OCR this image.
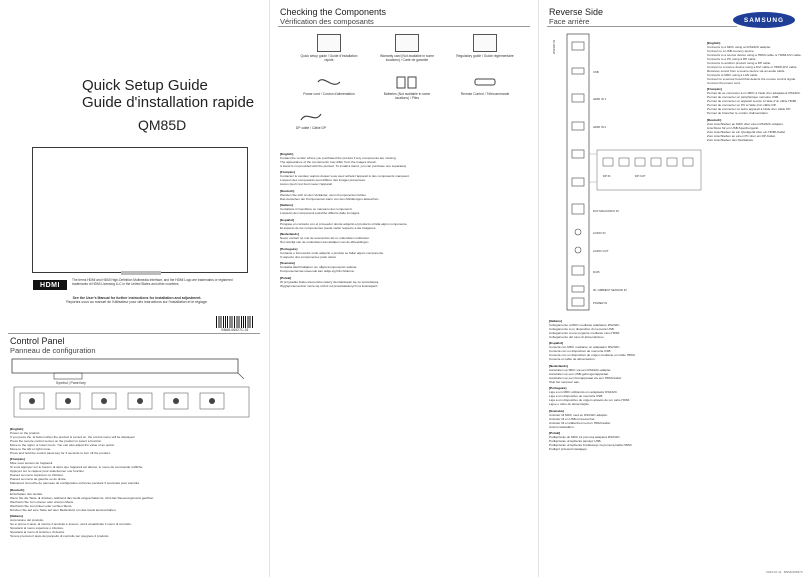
Quick Setup Guide
Guide d'installation rapide
QM85D
HDMI
The terms HDMI and HDMI High-Definition Multimedia Interface, and the HDMI Logo are trademarks or registered trademarks of HDMI Licensing LLC in the United States and other countries.
See the User's Manual for further instructions for installation and adjustment.
Reportez-vous au manuel de l'utilisateur pour des instructions sur l'installation et le réglage.
BN68-06527C-01
Control Panel
Panneau de configuration
Symbol | Panel key
[English]

Power on the product.

If you press the ◄ button when the product is turned on, the control menu will be displayed.

Press the remote control sensor on the product to select a function.

Move to the upper or lower menu. You can also adjust the value of an option.

Move to the left or right menu.

Press and hold the control panel key for 3 seconds to turn off the product.

[Français]

Mise sous tension de l'appareil.

Si vous appuyez sur le bouton ◄ alors que l'appareil est allumé, le menu de commande s'affiche.

Appuyez sur le capteur pour sélectionner une fonction.

Passez au menu supérieur ou inférieur.

Passez au menu de gauche ou de droite.

Maintenez la touche du panneau de configuration enfoncée pendant 3 secondes pour éteindre.

[Deutsch]

Einschalten des Geräts.

Wenn Sie die Taste ◄ drücken, während das Gerät eingeschaltet ist, wird das Steuerungsmenü geöffnet.

Wechseln Sie zum oberen oder unteren Menü.

Wechseln Sie zum linken oder rechten Menü.

Drücken Sie auf eine Taste auf dem Bedienfeld, um das Gerät auszuschalten.

[Italiano]

Accensione del prodotto.

Se si preme il tasto ◄ mentre il prodotto è acceso, verrà visualizzato il menu di controllo.

Spostarsi al menu superiore o inferiore.

Spostarsi al menu di sinistra o di destra.

Tenere premuto il tasto del pannello di controllo per spegnere il prodotto.

Checking the Components
Vérification des composants
Quick setup guide / Guide d'installation rapide
Warranty card (Not available in some locations) / Carte de garantie
Regulatory guide / Guide réglementaire
Power cord / Cordon d'alimentation	Batteries (Not available in some locations) / Piles
Remote Control / Télécommande
DP cable / Câble DP
[English]

Contact the vendor where you purchased the product if any components are missing.

The appearance of the components may differ from the images shown.

A stand is not provided with the product. To install a stand, you can purchase one separately.

[Français]

Contactez le vendeur auprès duquel vous avez acheté l'appareil si des composants manquent.

L'aspect des composants peut différer des images présentées.

Aucun pied n'est fourni avec l'appareil.

[Deutsch]

Wenden Sie sich an den Verkäufer, wenn Komponenten fehlen.

Das Aussehen der Komponenten kann von den Abbildungen abweichen.

[Italiano]

Contattare il rivenditore se mancano dei componenti.

L'aspetto dei componenti potrebbe differire dalle immagini.

[Español]

Póngase en contacto con el proveedor donde adquirió el producto si falta algún componente.

El aspecto de los componentes puede variar respecto a las imágenes.

[Nederlands]

Neem contact op met de leverancier als er onderdelen ontbreken.

Het uiterlijk van de onderdelen kan afwijken van de afbeeldingen.

[Português]

Contacte o fornecedor onde adquiriu o produto se faltar algum componente.

O aspecto dos componentes pode variar.

[Svenska]

Kontakta återförsäljaren om några komponenter saknas.

Komponenternas utseende kan skilja sig från bilderna.

[Polski]

W przypadku braku elementów należy skontaktować się ze sprzedawcą.

Wygląd elementów może się różnić od przedstawionych na ilustracjach.

SAMSUNG
Reverse Side
Face arrière
RS232C IN
USB
HDMI IN 1
HDMI IN 2
DP IN	DP OUT
DVI/ MAGICINFO IN
AUDIO IN
AUDIO OUT
RJ45
IR / AMBIENT SENSOR IN
POWER IN
[English]

Connects to a MDC using an RS232C adapter.

Connect to a USB memory device.

Connects to a source device using a HDMI cable or HDMI-DVI cable.

Connects to a PC using a DP cable.

Connects to another product using a DP cable.

Connect to a source device using a DVI cable or HDMI-DVI cable.

Receives sound from a source device via an audio cable.

Connects to MDC using a LAN cable.

Connect to a sensor board that detects the remote control signal.

Connect the power cord.

[Français]

Permet de se connecter à un MDC à l'aide d'un adaptateur RS232C.

Permet de connecter un périphérique mémoire USB.

Permet de connecter un appareil source à l'aide d'un câble HDMI.

Permet de connecter un PC à l'aide d'un câble DP.

Permet de connecter un autre appareil à l'aide d'un câble DP.

Permet de brancher le cordon d'alimentation.

[Deutsch]

Zum Anschließen an MDC über einen RS232C-Adapter.

Anschluss für ein USB-Speichergerät.

Zum Anschließen an ein Quellgerät über ein HDMI-Kabel.

Zum Anschließen an einen PC über ein DP-Kabel.

Zum Anschließen des Netzkabels.

[Italiano]

Collegamento a MDC mediante adattatore RS232C.

Collegamento a un dispositivo di memoria USB.

Collegamento a una sorgente mediante cavo HDMI.

Collegamento del cavo di alimentazione.

[Español]

Conecta con MDC mediante un adaptador RS232C.

Conecta con un dispositivo de memoria USB.

Conecta con un dispositivo de origen mediante un cable HDMI.

Conecte el cable de alimentación.

[Nederlands]

Aansluiten op MDC via een RS232C-adapter.

Aansluiten op een USB-geheugenapparaat.

Aansluiten op een bronapparaat via een HDMI-kabel.

Sluit het netsnoer aan.

[Português]

Liga a um MDC utilizando um adaptador RS232C.

Liga a um dispositivo de memória USB.

Liga a um dispositivo de origem através de um cabo HDMI.

Ligue o cabo de alimentação.

[Svenska]

Ansluter till MDC med en RS232C-adapter.

Ansluter till en USB-minnesenhet.

Ansluter till en källenhet med en HDMI-kabel.

Anslut nätsladden.

[Polski]

Podłączanie do MDC za pomocą adaptera RS232C.

Podłączanie urządzenia pamięci USB.

Podłączanie urządzenia źródłowego za pomocą kabla HDMI.

Podłącz przewód zasilający.

2016-07-11 · BN68-06527C
